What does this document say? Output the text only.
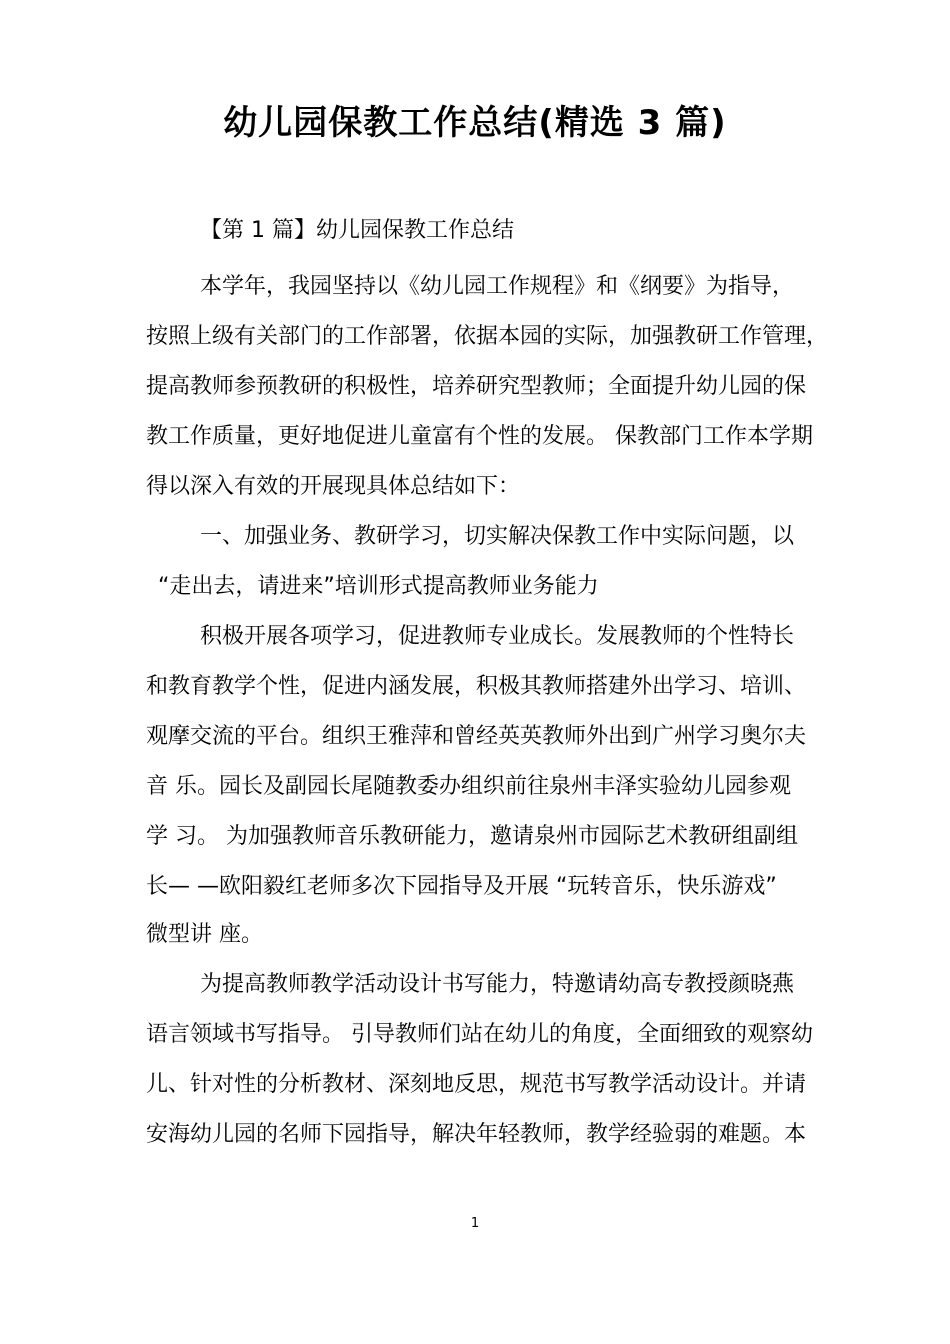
幼儿园保教工作总结(精选 3 篇)
【第 1 篇】幼儿园保教工作总结
本学年，我园坚持以《幼儿园工作规程》和《纲要》为指导，
按照上级有关部门的工作部署，依据本园的实际，加强教研工作管理，
提高教师参预教研的积极性，培养研究型教师；全面提升幼儿园的保
教工作质量，更好地促进儿童富有个性的发展。 保教部门工作本学期
得以深入有效的开展现具体总结如下：
一、加强业务、教研学习，切实解决保教工作中实际问题，以
“走出去，请进来”培训形式提高教师业务能力
积极开展各项学习，促进教师专业成长。发展教师的个性特长
和教育教学个性，促进内涵发展，积极其教师搭建外出学习、培训、
观摩交流的平台。组织王雅萍和曾经英英教师外出到广州学习奥尔夫
音 乐。园长及副园长尾随教委办组织前往泉州丰泽实验幼儿园参观
学 习。 为加强教师音乐教研能力，邀请泉州市园际艺术教研组副组
长— —欧阳毅红老师多次下园指导及开展 “玩转音乐，快乐游戏”
微型讲 座。
为提高教师教学活动设计书写能力，特邀请幼高专教授颜晓燕
语言领域书写指导。 引导教师们站在幼儿的角度，全面细致的观察幼
儿、针对性的分析教材、深刻地反思，规范书写教学活动设计。并请
安海幼儿园的名师下园指导，解决年轻教师，教学经验弱的难题。本
1
